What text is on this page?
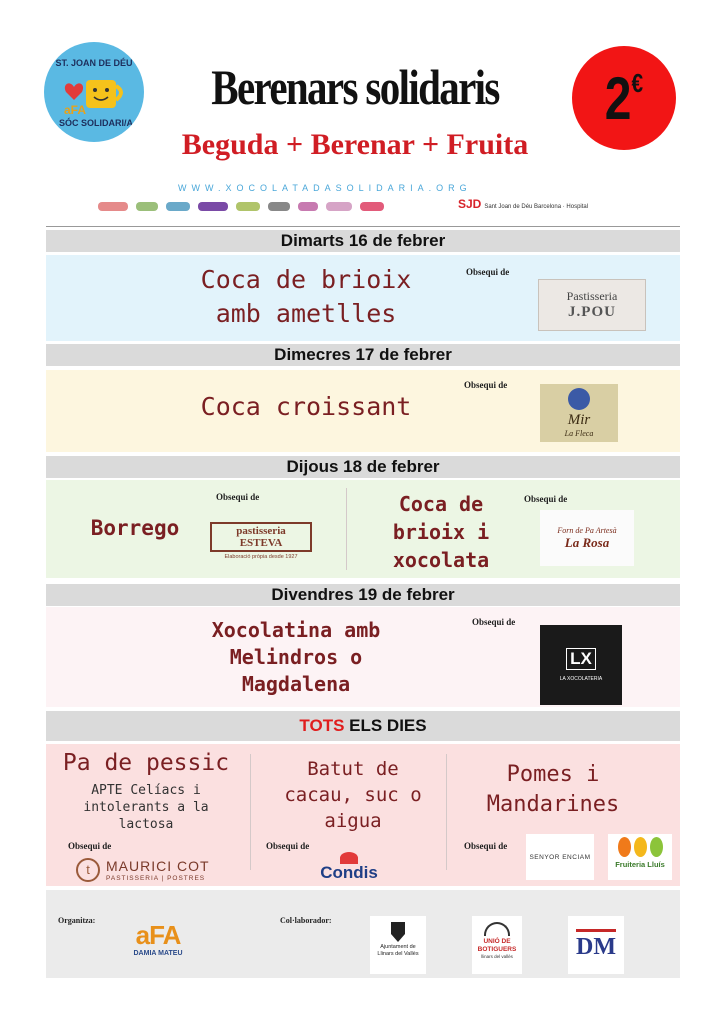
ST. JOAN DE DÉU
aFA
SÓC SOLIDARI/A
Berenars solidaris
Beguda + Berenar + Fruita
2€
WWW.XOCOLATADASOLIDARIA.ORG
SJD Sant Joan de Déu Barcelona · Hospital
Dimarts 16 de febrer
Coca de brioix
amb ametlles
Obsequi de
Pastisseria
J.POU
Dimecres 17 de febrer
Coca croissant
Obsequi de
Mir
La Fleca
Dijous 18 de febrer
Borrego
Obsequi de
pastisseria ESTEVA
Elaboració pròpia desde 1927
Coca de
brioix i
xocolata
Obsequi de
Forn de Pa Artesà
La Rosa
Divendres 19 de febrer
Xocolatina amb
Melindros o
Magdalena
Obsequi de
LX
LA XOCOLATERIA
TOTS ELS DIES
Pa de pessic
APTE Celíacs i
intolerants a la
lactosa
Obsequi de
t	MAURICI COT
PASTISSERIA | POSTRES
Batut de
cacau, suc o
aigua
Obsequi de
Condis
Pomes i
Mandarines
Obsequi de
SENYOR ENCIAM
Fruiteria Lluís
Organitza: aFA
DAMIA MATEU
Col·laborador:
Ajuntament de
Llinars del Vallès
UNIÓ DE
BOTIGUERS
llinars del vallès	DM
